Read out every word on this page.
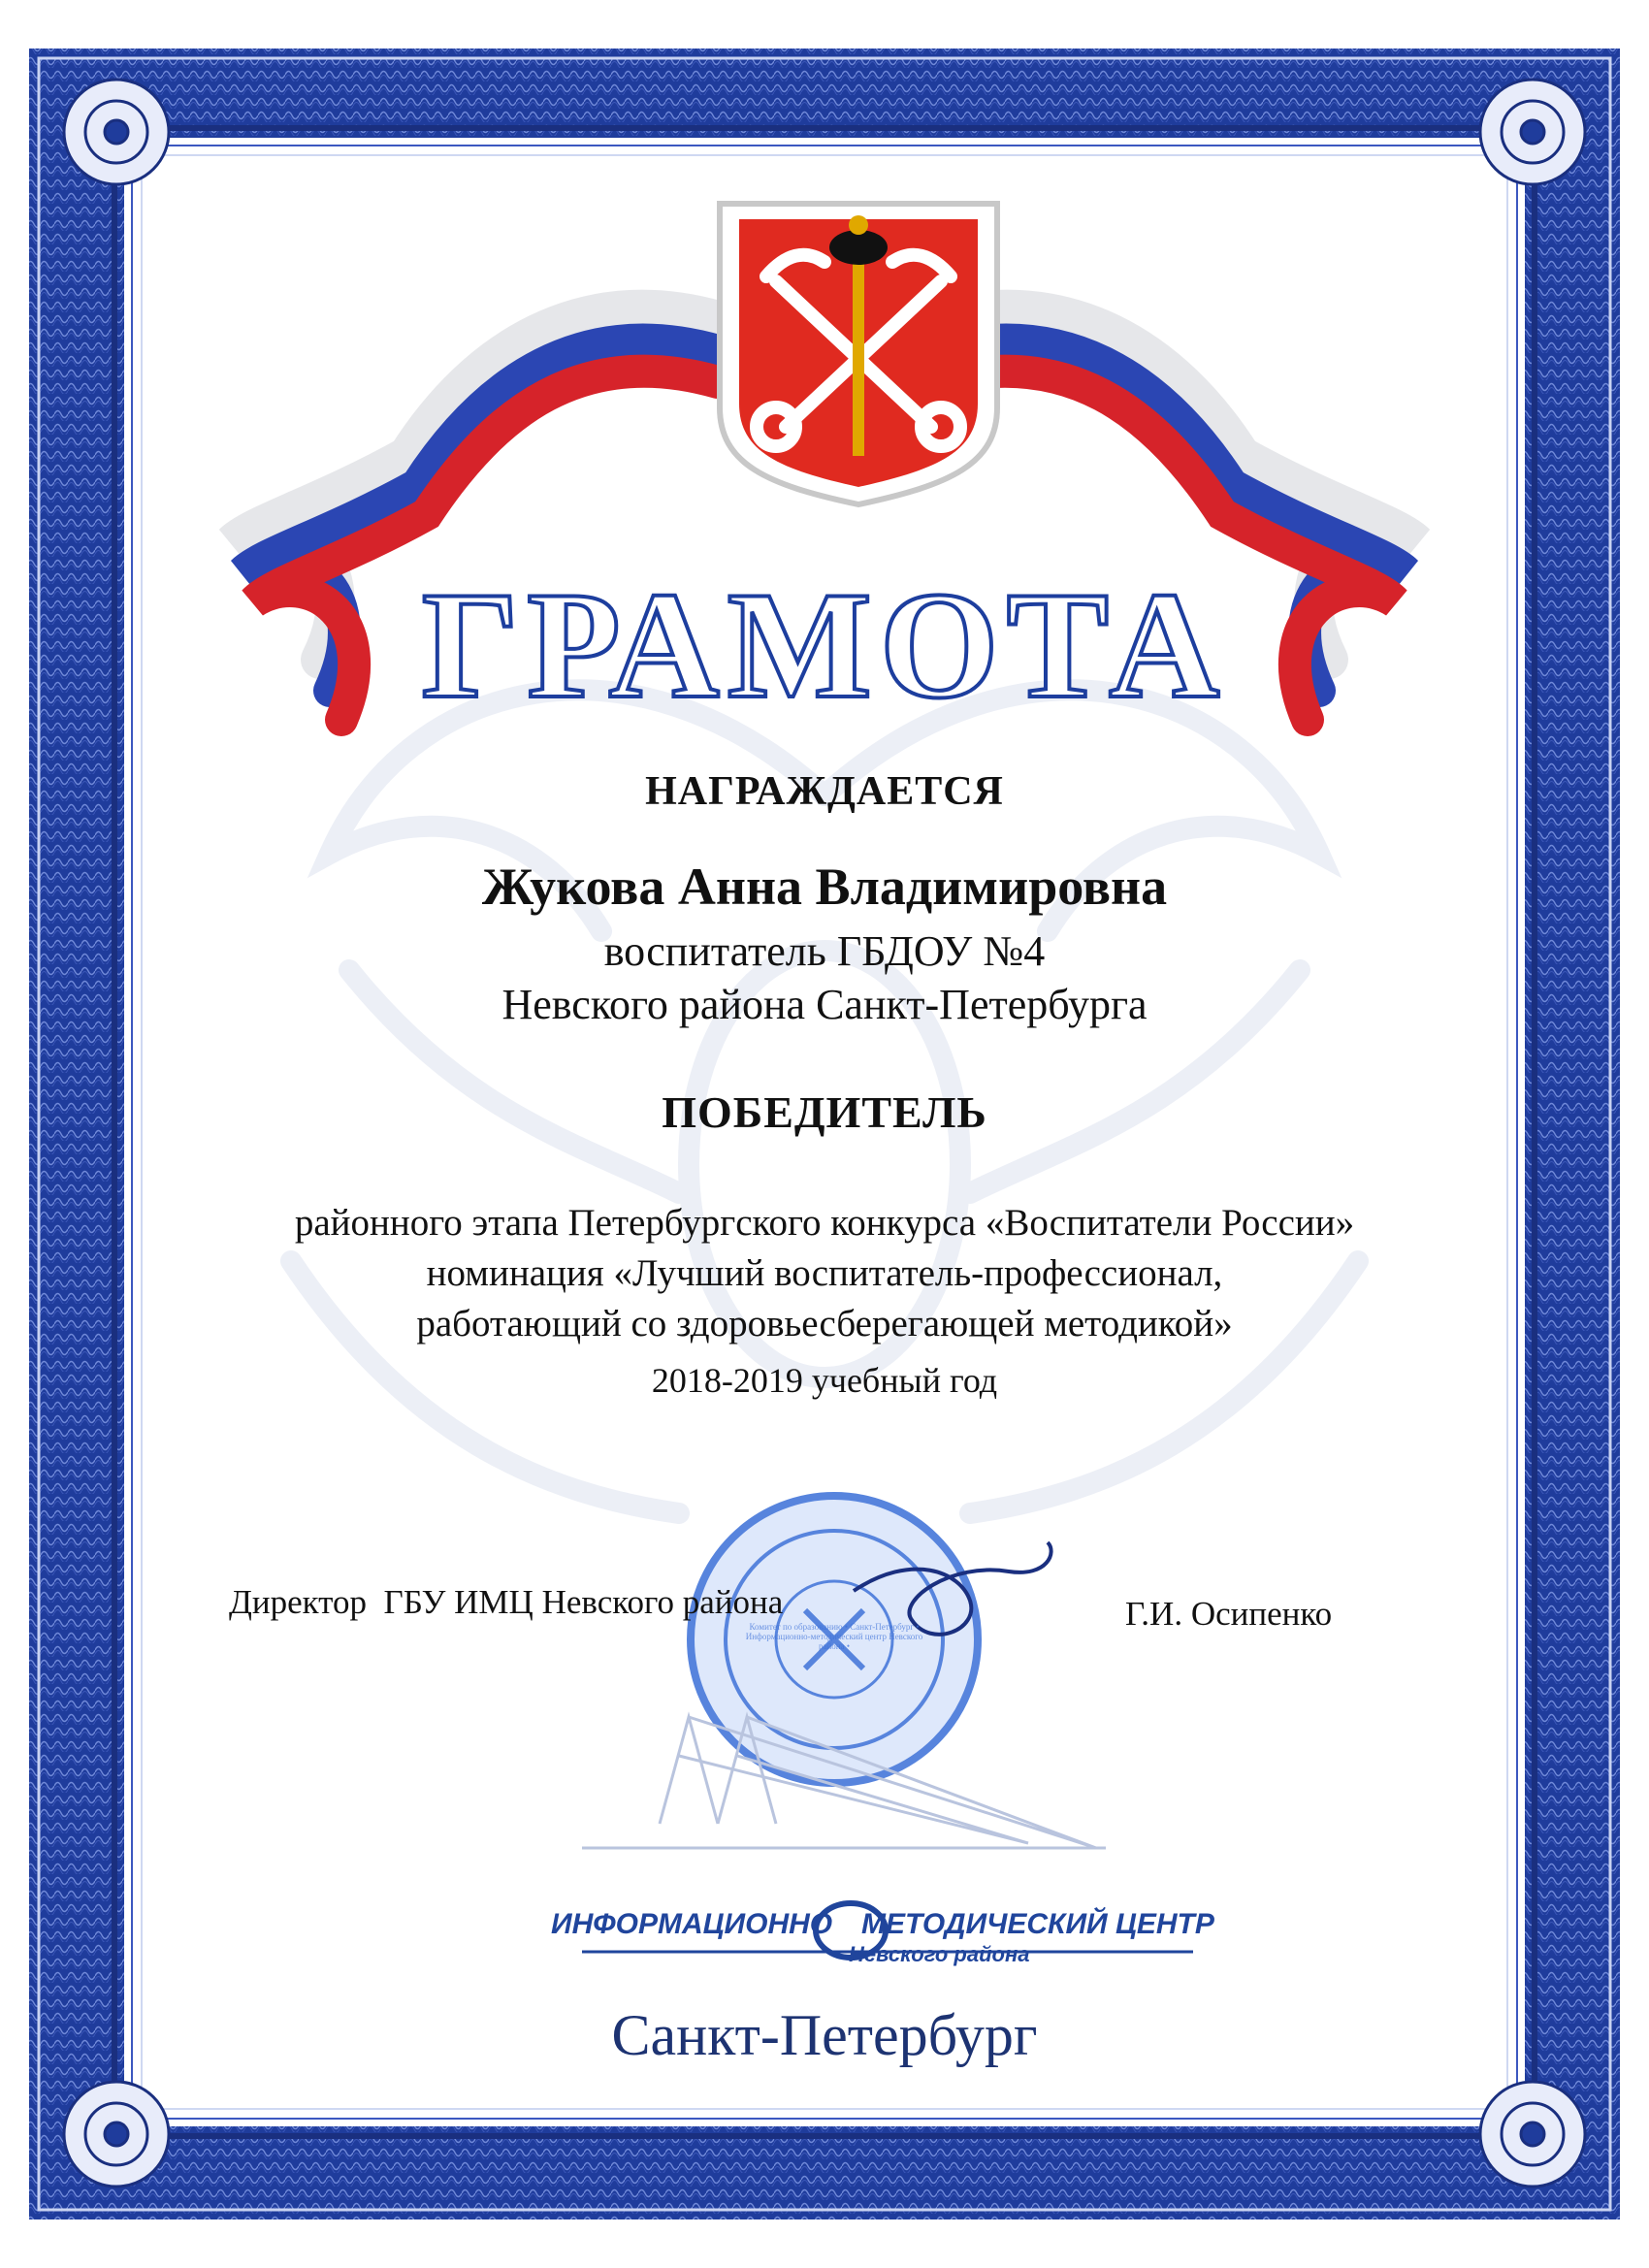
ГРАМОТА
НАГРАЖДАЕТСЯ
Жукова Анна Владимировна
воспитатель ГБДОУ №4
Невского района Санкт-Петербурга
ПОБЕДИТЕЛЬ
районного этапа Петербургского конкурса «Воспитатели России»
номинация «Лучший воспитатель-профессионал,
работающий со здоровьесберегающей методикой»
2018-2019 учебный год
Директор  ГБУ ИМЦ Невского района	Г.И. Осипенко
ИНФОРМАЦИОННО МЕТОДИЧЕСКИЙ ЦЕНТР
Невского района
Санкт-Петербург
Комитет по образованию • Санкт-Петербург • Информационно-методический центр Невского района •
